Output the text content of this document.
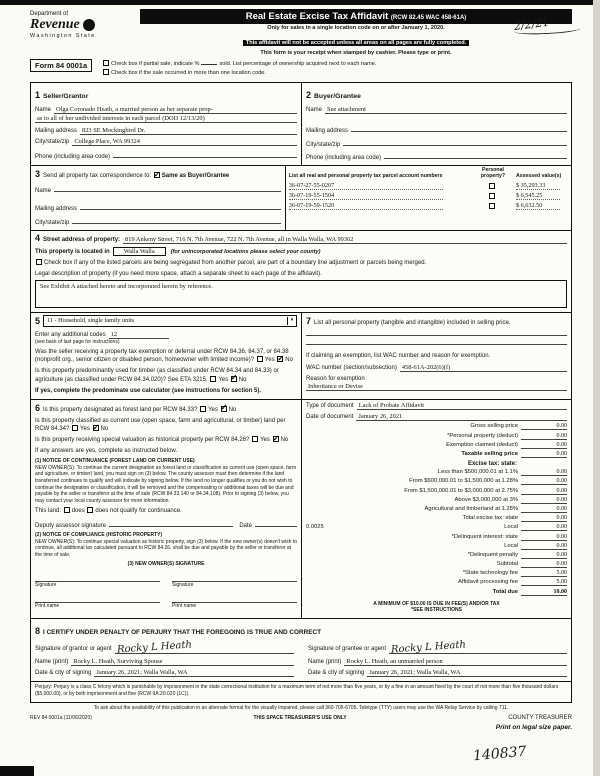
Department of
Revenue
Washington State
Real Estate Excise Tax Affidavit (RCW 82.45 WAC 458-61A)
Only for sales in a single location code on or after January 1, 2020.
This affidavit will not be accepted unless all areas on all pages are fully completed.
This form is your receipt when stamped by cashier. Please type or print.
2/2/21
Form 84 0001a	Check box if partial sale, indicate %	sold. List percentage of ownership acquired next to each name.
Check box if the sale occurred in more than one location code.
1 Seller/Grantor
Name Olga Coronado Heath, a married person as her separate prop-
as to all of her undivided interests in each parcel (DOD 12/13/20)
Mailing address 823 SE Mockingbird Dr.
City/state/zip College Place, WA 99324
Phone (including area code)
2 Buyer/Grantee
Name See attachment
Mailing address
City/state/zip
Phone (including area code)
3 Send all property tax correspondence to: ✓ Same as Buyer/Grantee
Name
Mailing address
City/state/zip
List all real and personal property tax parcel account numbers
Personal property?	Assessed value(s)
36-07-27-55-0207	$ 35,293.33
36-07-19-55-1504	$ 6,545.25
36-07-19-59-1520	$ 6,632.50
4 Street address of property: 819 Ankeny Street, 716 N. 7th Avenue, 722 N. 7th Avenue, all in Walla Walla, WA 99362
This property is located in	Walla Walla	(for unincorporated locations please select your county)
Check box if any of the listed parcels are being segregated from another parcel, are part of a boundary line adjustment or parcels being merged.
Legal description of property (if you need more space, attach a separate sheet to each page of the affidavit).
See Exhibit A attached hereto and incorporated herein by reference.
5 11 - Household, single family units
▾
Enter any additional codes 12
(see back of last page for instructions)
Was the seller receiving a property tax exemption or deferral under RCW 84.36, 84.37, or 84.38 (nonprofit org., senior citizen or disabled person, homeowner with limited income)? Yes ✓ No
Is this property predominantly used for timber (as classified under RCW 84.34 and 84.33) or agriculture (as classified under RCW 84.34.020)? See ETA 3215. Yes ✓ No
If yes, complete the predominate use calculator (see instructions for section 5).
7 List all personal property (tangible and intangible) included in selling price.
If claiming an exemption, list WAC number and reason for exemption.
WAC number (section/subsection) 458-61A-202(6)(f)
Reason for exemption
Inheritance or Devise
6 Is this property designated as forest land per RCW 84.33? Yes ✓ No
Is this property classified as current use (open space, farm and agricultural, or timber) land per RCW 84.34? Yes ✓ No
Is this property receiving special valuation as historical property per RCW 84.26? Yes ✓ No
If any answers are yes, complete as instructed below.
(1) NOTICE OF CONTINUANCE (FOREST LAND OR CURRENT USE)
NEW OWNER(S): To continue the current designation as forest land or classification as current use (open space, farm and agriculture, or timber) land, you must sign on (3) below. The county assessor must then determine if the land transferred continues to qualify and will indicate by signing below. If the land no longer qualifies or you do not wish to continue the designation or classification, it will be removed and the compensating or additional taxes will be due and payable by the seller or transferor at the time of sale (RCW 84.33.140 or 84.34.108). Prior to signing (3) below, you may contact your local county assessor for more information.
This land: does does not qualify for continuance.
Deputy assessor signature	Date
(2) NOTICE OF COMPLIANCE (HISTORIC PROPERTY)
NEW OWNER(S): To continue special valuation as historic property, sign (3) below. If the new owner(s) doesn't wish to continue, all additional tax calculated pursuant to RCW 84.26, shall be due and payable by the seller or transferor at the time of sale.
(3) NEW OWNER(S) SIGNATURE
Signature	Signature
Print name	Print name
Type of document Lack of Probate Affidavit
Date of document January 26, 2021
Gross selling price	0.00
*Personal property (deduct)	0.00
Exemption claimed (deduct)	0.00
Taxable selling price	0.00
Excise tax: state:
Less than $500,000.01 at 1.1%	0.00
From $500,000.01 to $1,500,000 at 1.28%	0.00
From $1,500,000.01 to $3,000,000 at 2.75%	0.00
Above $3,000,000 at 3%	0.00
Agricultural and timberland at 1.28%	0.00
Total excise tax: state	0.00
0.0025	Local	0.00
*Delinquent interest: state	0.00
Local	0.00
*Delinquent penalty	0.00
Subtotal	0.00
*State technology fee	5.00
Affidavit processing fee	5.00
Total due	10.00
A MINIMUM OF $10.00 IS DUE IN FEE(S) AND/OR TAX
*SEE INSTRUCTIONS
8 I CERTIFY UNDER PENALTY OF PERJURY THAT THE FOREGOING IS TRUE AND CORRECT
Signature of grantor or agent Rocky L Heath
Name (print) Rocky L. Heath, Surviving Spouse
Date & city of signing January 26, 2021; Walla Walla, WA
Signature of grantee or agent Rocky L Heath
Name (print) Rocky L. Heath, an unmarried person
Date & city of signing January 26, 2021; Walla Walla, WA
Perjury: Perjury is a class C felony which is punishable by imprisonment in the state correctional institution for a maximum term of not more than five years, or by a fine in an amount fixed by the court of not more than five thousand dollars ($5,000.00), or by both imprisonment and fine (RCW 9A.20.020 (1C)).
To ask about the availability of this publication in an alternate format for the visually impaired, please call 360-705-6705. Teletype (TTY) users may use the WA Relay Service by calling 711.
REV 84 0001a (11/06/2020)	THIS SPACE TREASURER'S USE ONLY	COUNTY TREASURER
Print on legal size paper.
140837
